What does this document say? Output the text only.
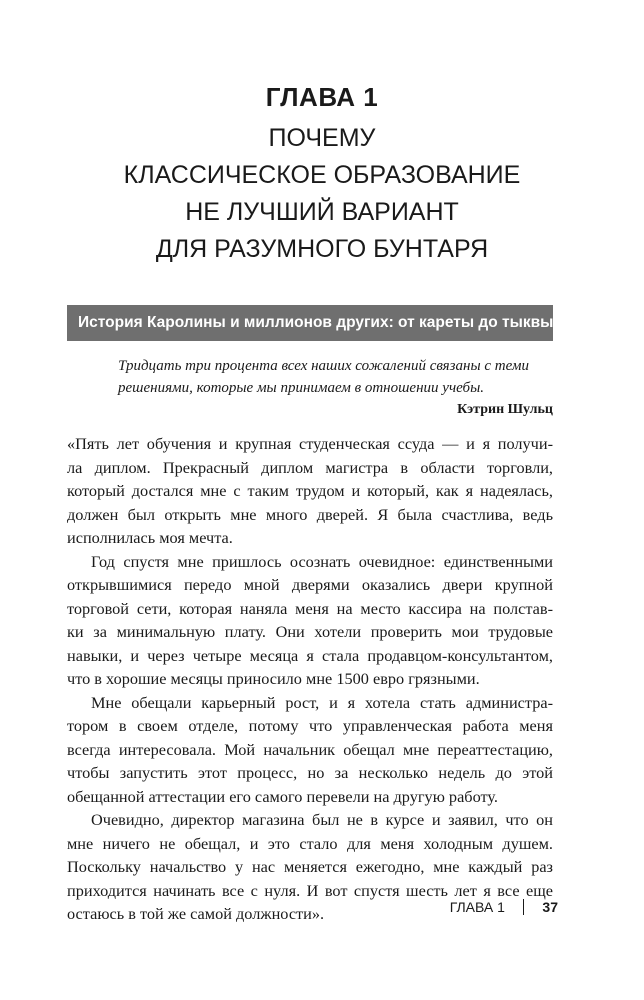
ГЛАВА 1
ПОЧЕМУ
КЛАССИЧЕСКОЕ ОБРАЗОВАНИЕ
НЕ ЛУЧШИЙ ВАРИАНТ
ДЛЯ РАЗУМНОГО БУНТАРЯ
История Каролины и миллионов других: от кареты до тыквы
Тридцать три процента всех наших сожалений связаны с теми
решениями, которые мы принимаем в отношении учебы.
Кэтрин Шульц
«Пять лет обучения и крупная студенческая ссуда — и я получи-
ла диплом. Прекрасный диплом магистра в области торговли,
который достался мне с таким трудом и который, как я надеялась,
должен был открыть мне много дверей. Я была счастлива, ведь
исполнилась моя мечта.
Год спустя мне пришлось осознать очевидное: единственными
открывшимися передо мной дверями оказались двери крупной
торговой сети, которая наняла меня на место кассира на полстав-
ки за минимальную плату. Они хотели проверить мои трудовые
навыки, и через четыре месяца я стала продавцом-консультантом,
что в хорошие месяцы приносило мне 1500 евро грязными.
Мне обещали карьерный рост, и я хотела стать администра-
тором в своем отделе, потому что управленческая работа меня
всегда интересовала. Мой начальник обещал мне переаттестацию,
чтобы запустить этот процесс, но за несколько недель до этой
обещанной аттестации его самого перевели на другую работу.
Очевидно, директор магазина был не в курсе и заявил, что он
мне ничего не обещал, и это стало для меня холодным душем.
Поскольку начальство у нас меняется ежегодно, мне каждый раз
приходится начинать все с нуля. И вот спустя шесть лет я все еще
остаюсь в той же самой должности».	ГЛАВА 1	37
